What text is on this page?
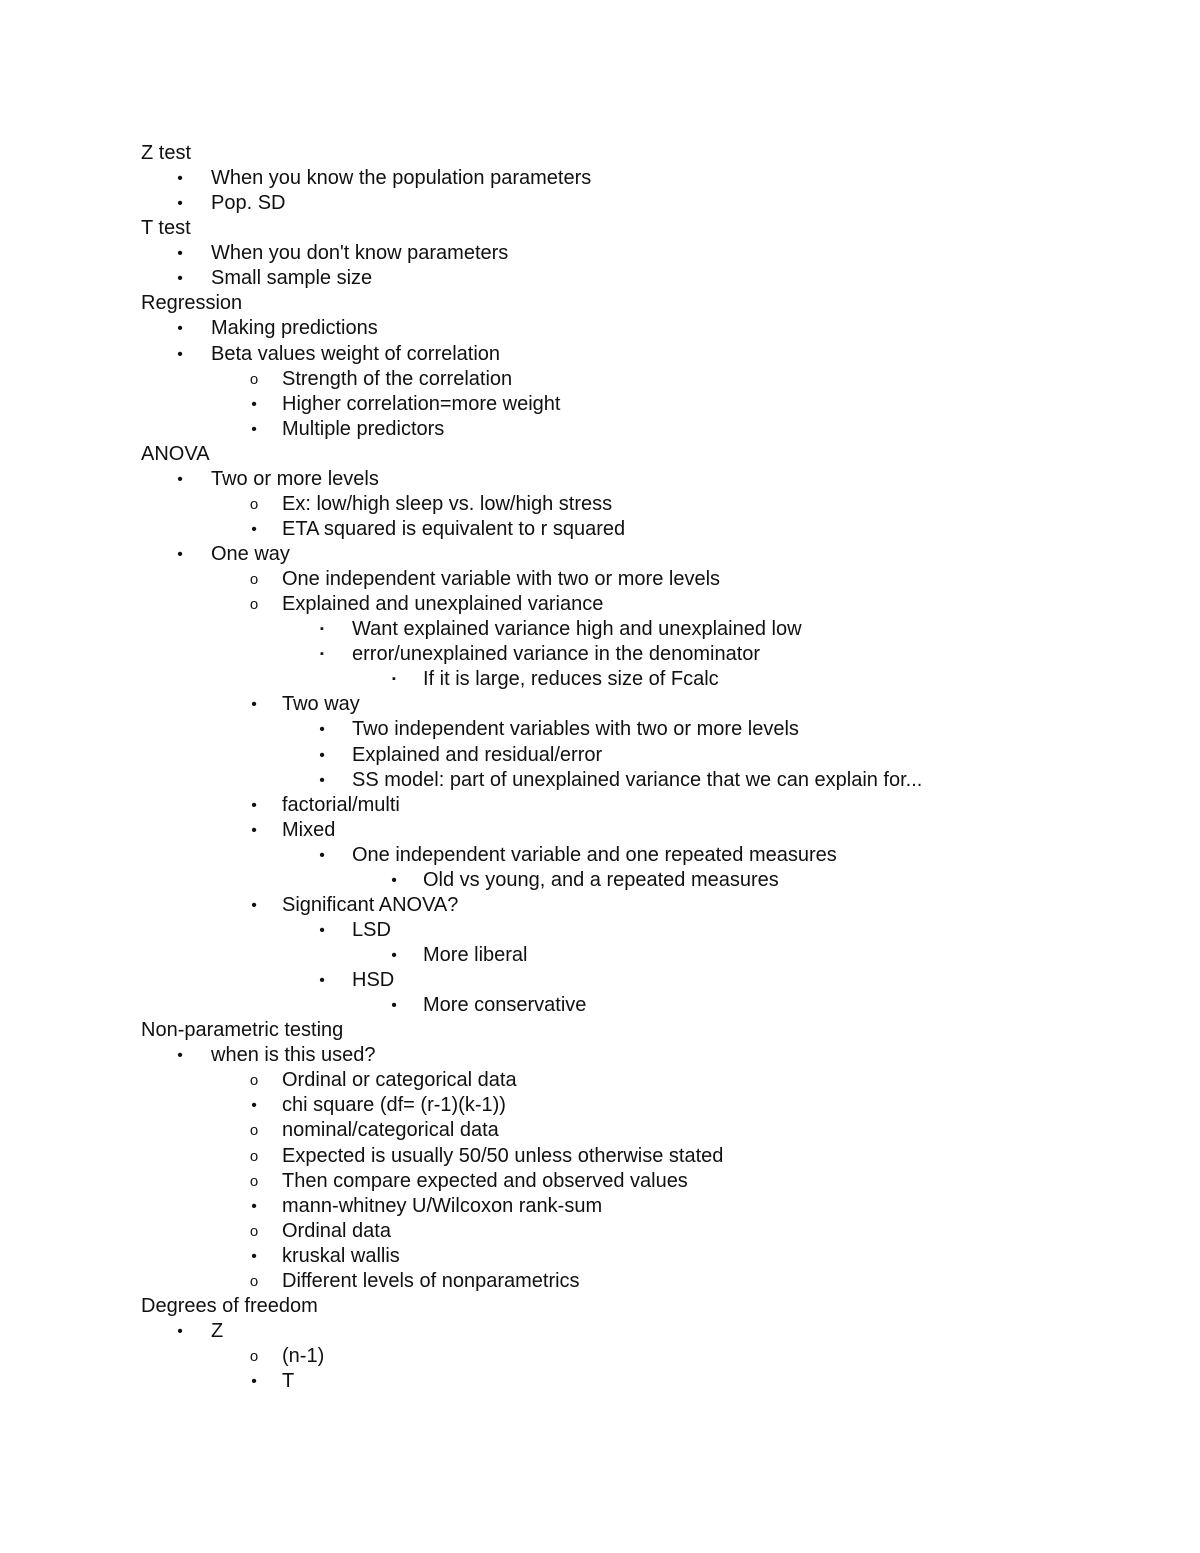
Z test
•	When you know the population parameters
•	Pop. SD
T test
•	When you don't know parameters
•	Small sample size
Regression
•	Making predictions
•	Beta values weight of correlation
o Strength of the correlation
•	Higher correlation=more weight
•	Multiple predictors
ANOVA
•	Two or more levels
o Ex: low/high sleep vs. low/high stress
•	ETA squared is equivalent to r squared
•	One way
o One independent variable with two or more levels
o Explained and unexplained variance
▪	Want explained variance high and unexplained low
▪	error/unexplained variance in the denominator
▪	If it is large, reduces size of Fcalc
•	Two way
•	Two independent variables with two or more levels
•	Explained and residual/error
•	SS model: part of unexplained variance that we can explain for...
•	factorial/multi
•	Mixed
•	One independent variable and one repeated measures
•	Old vs young, and a repeated measures
•	Significant ANOVA?
•	LSD
•	More liberal
•	HSD
•	More conservative
Non-parametric testing
•	when is this used?
o Ordinal or categorical data
•	chi square (df= (r-1)(k-1))
o nominal/categorical data
o Expected is usually 50/50 unless otherwise stated
o Then compare expected and observed values
•	mann-whitney U/Wilcoxon rank-sum
o Ordinal data
•	kruskal wallis
o Different levels of nonparametrics
Degrees of freedom
•	Z
o (n-1)
•	T
